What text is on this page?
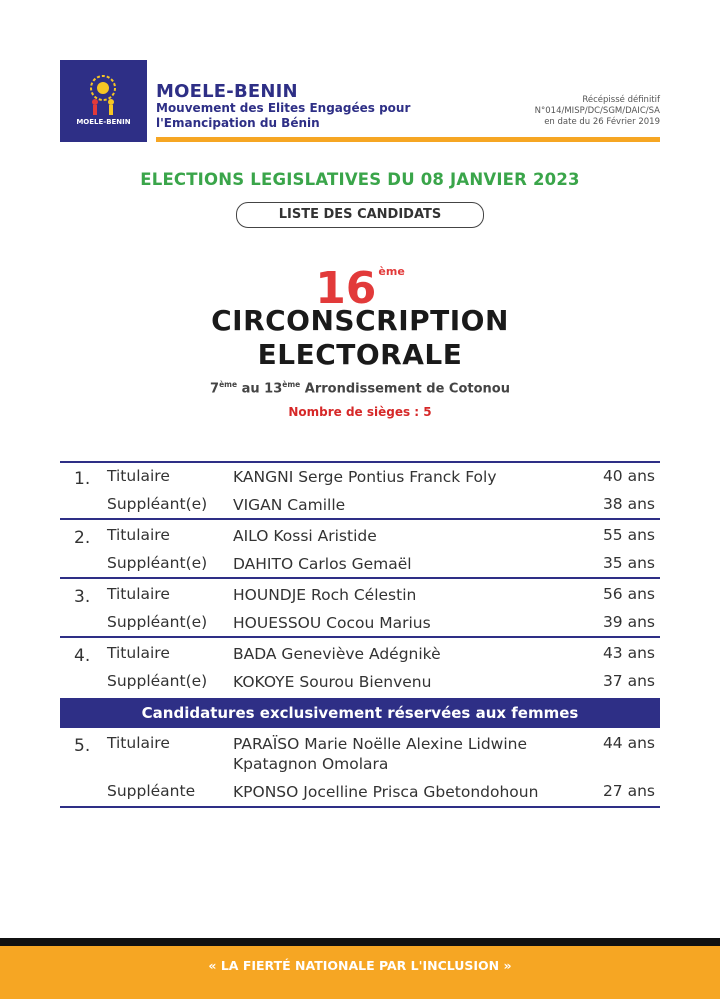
MOELE-BENIN
MOELE-BENIN
Mouvement des Elites Engagées pour
l'Emancipation du Bénin
Récépissé définitif
N°014/MISP/DC/SGM/DAIC/SA
en date du 26 Février 2019
ELECTIONS LEGISLATIVES DU 08 JANVIER 2023
LISTE DES CANDIDATS
16 $^{ème}$
CIRCONSCRIPTION
ELECTORALE
7ème au 13ème Arrondissement de Cotonou
Nombre de sièges : 5
1. Titulaire	KANGNI Serge Pontius Franck Foly	40 ans
Suppléant(e) VIGAN Camille	38 ans
2. Titulaire	AILO Kossi Aristide	55 ans
Suppléant(e) DAHITO Carlos Gemaël	35 ans
3. Titulaire	HOUNDJE Roch Célestin	56 ans
Suppléant(e) HOUESSOU Cocou Marius	39 ans
4. Titulaire	BADA Geneviève Adégnikè	43 ans
Suppléant(e) KOKOYE Sourou Bienvenu	37 ans
Candidatures exclusivement réservées aux femmes
5. Titulaire	PARAÏSO Marie Noëlle Alexine Lidwine
Kpatagnon Omolara
44 ans
Suppléante KPONSO Jocelline Prisca Gbetondohoun	27 ans
« LA FIERTÉ NATIONALE PAR L'INCLUSION »
